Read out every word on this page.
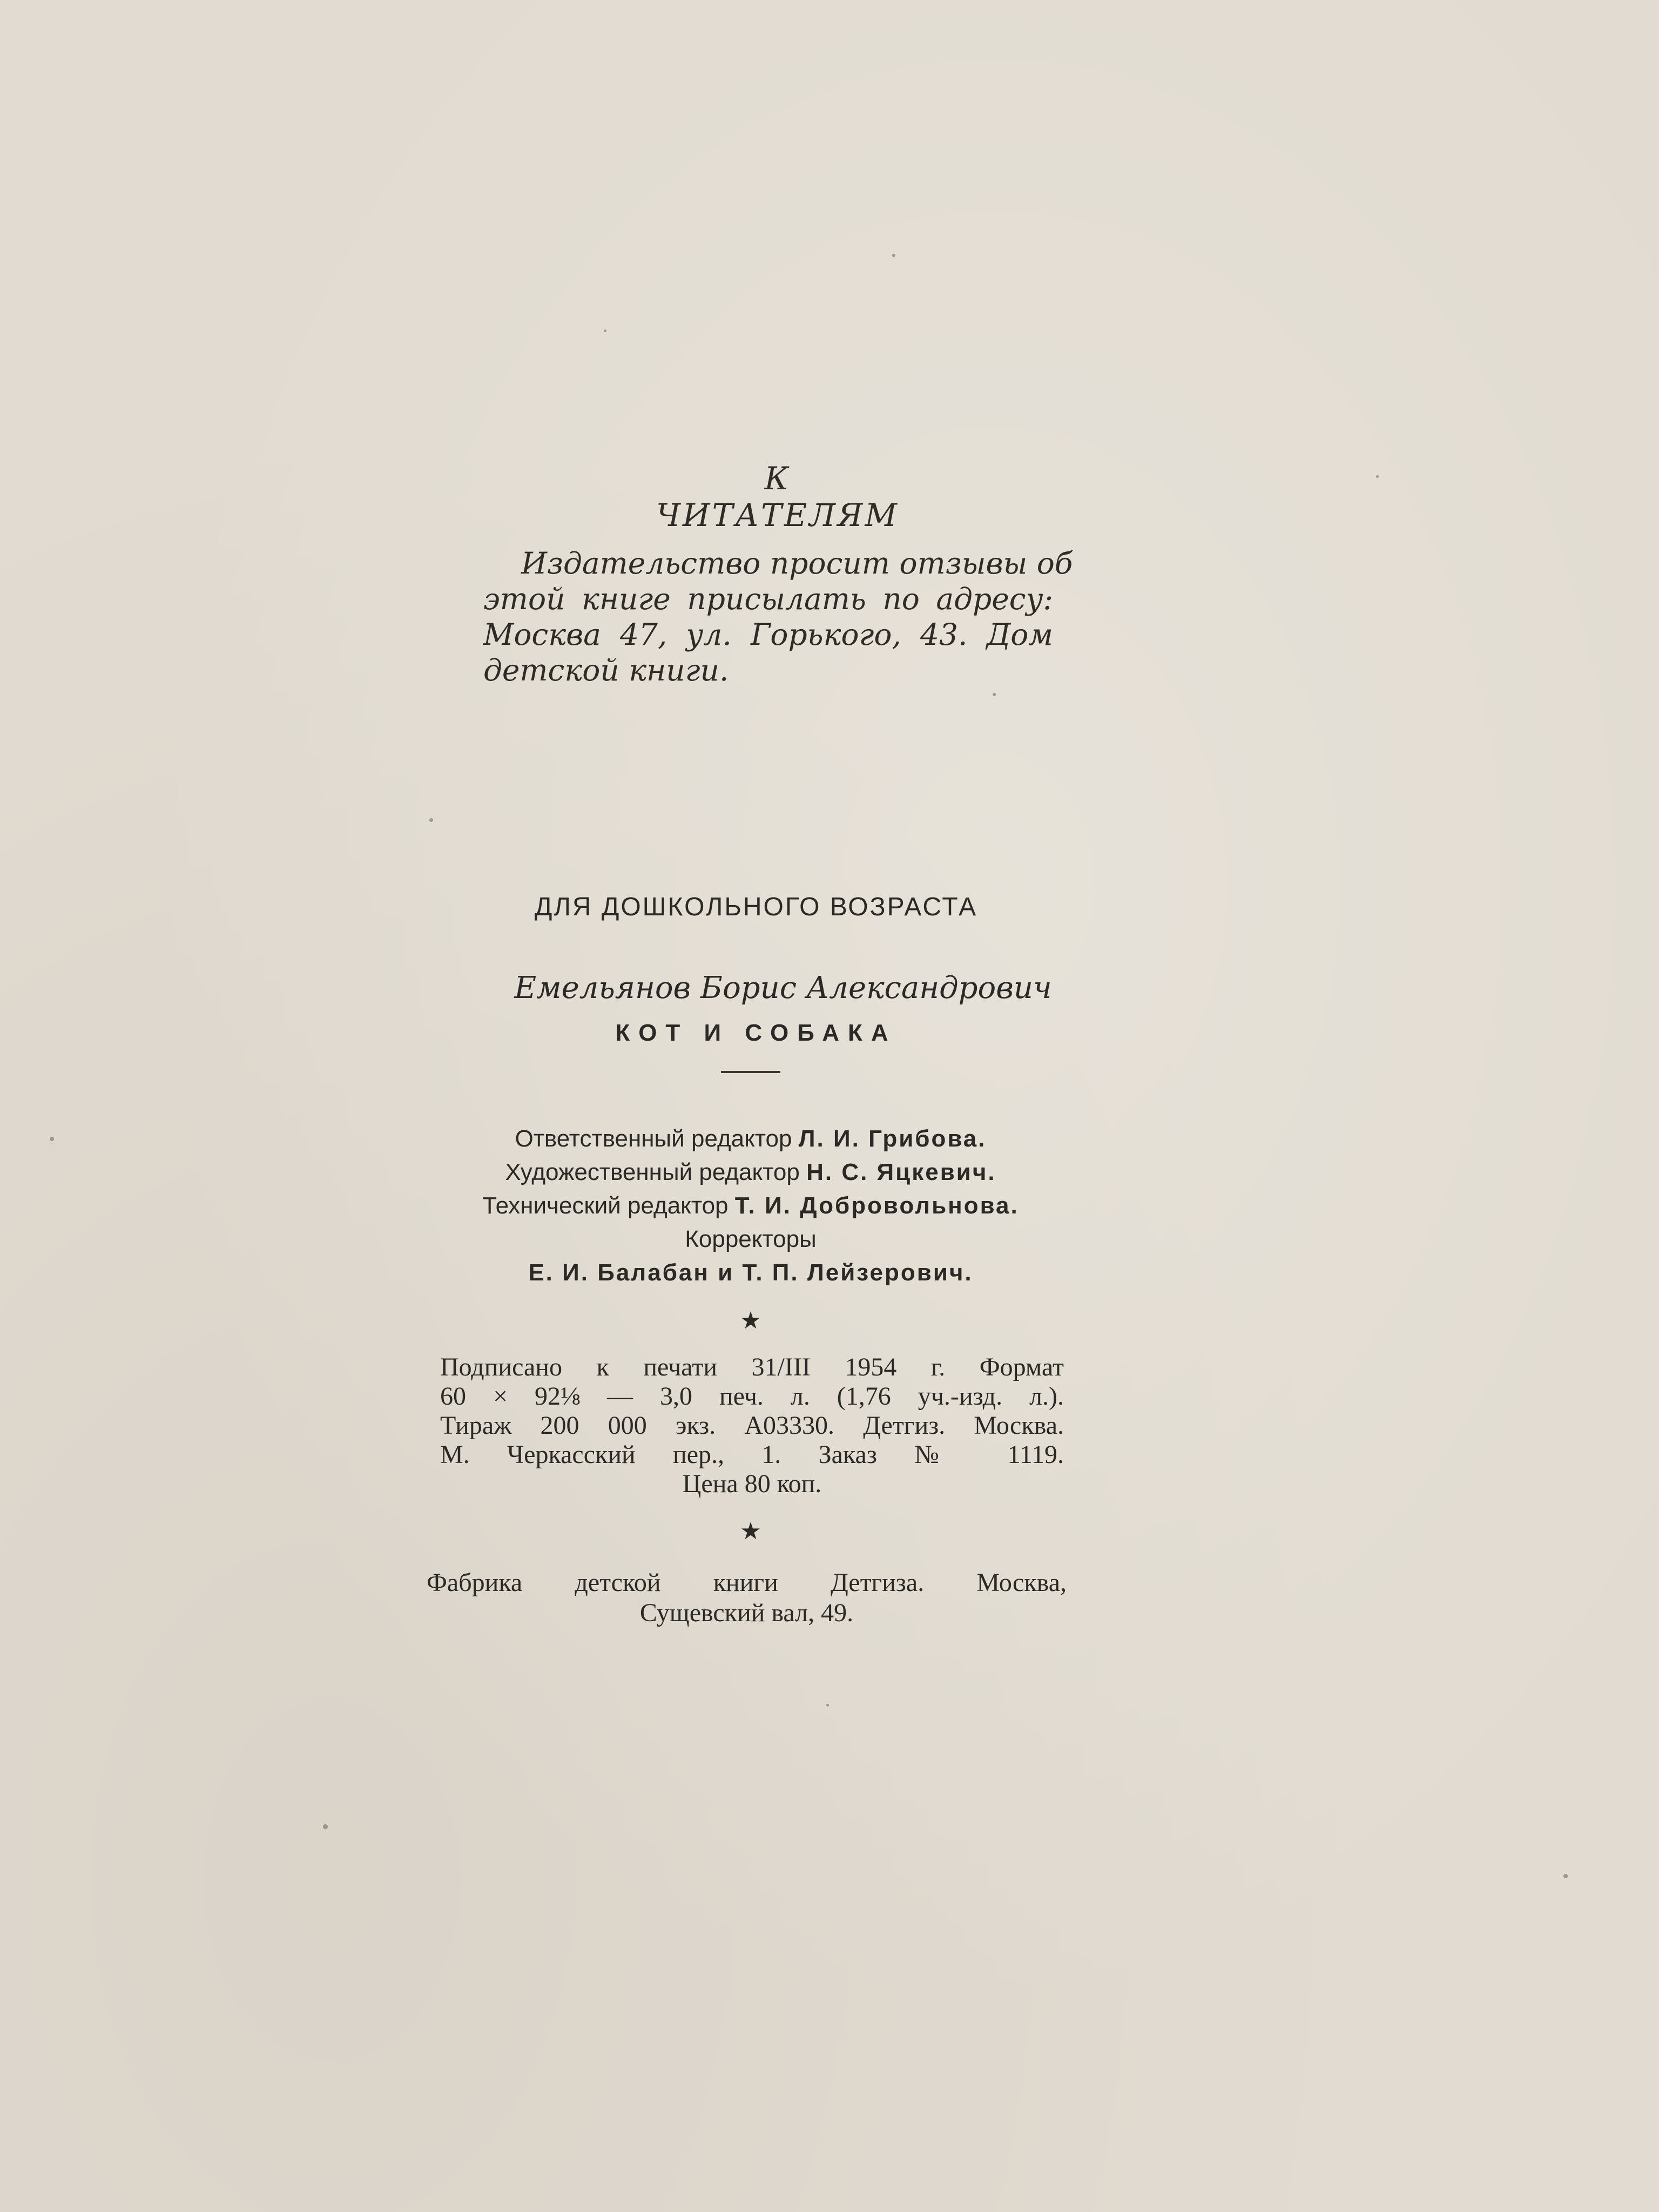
К ЧИТАТЕЛЯМ
Издательство просит отзывы об
этой книге присылать по адресу:
Москва 47, ул. Горького, 43. Дом
детской книги.
ДЛЯ ДОШКОЛЬНОГО ВОЗРАСТА
Емельянов Борис Александрович
КОТ И СОБАКА
Ответственный редактор Л. И. Грибова.
Художественный редактор Н. С. Яцкевич.
Технический редактор Т. И. Добровольнова.
Корректоры
Е. И. Балабан и Т. П. Лейзерович.
★
Подписано к печати 31/III 1954 г. Формат
60 × 92⅛ — 3,0 печ. л. (1,76 уч.-изд. л.).
Тираж 200 000 экз. А03330. Детгиз. Москва.
М. Черкасский пер., 1. Заказ № 1119.
Цена 80 коп.
★
Фабрика детской книги Детгиза. Москва,
Сущевский вал, 49.
